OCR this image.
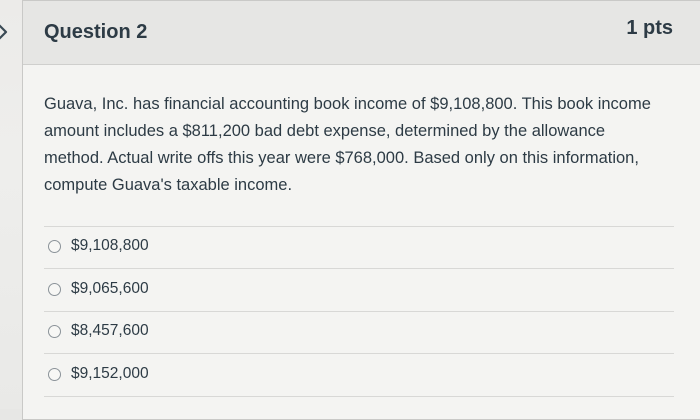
Question 2	1 pts
Guava, Inc. has financial accounting book income of $9,108,800. This book income amount includes a $811,200 bad debt expense, determined by the allowance method. Actual write offs this year were $768,000. Based only on this information, compute Guava's taxable income.
$9,108,800
$9,065,600
$8,457,600
$9,152,000
